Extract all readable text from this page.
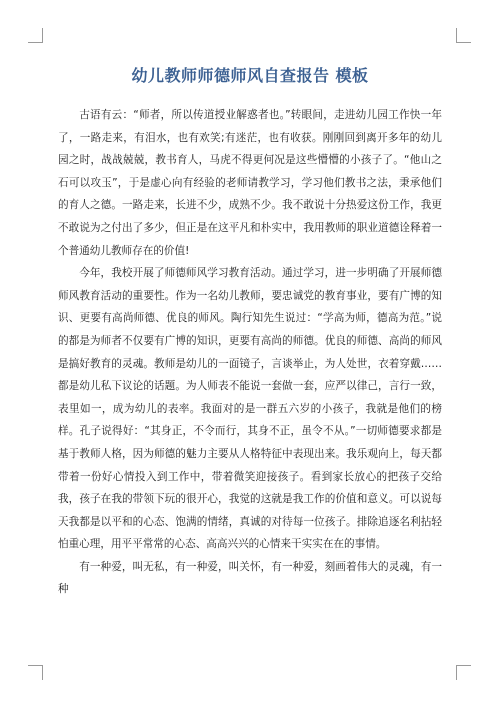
幼儿教师师德师风自查报告 模板

古语有云：“师者，所以传道授业解惑者也。”转眼间，走进幼儿园工作快一年了，一路走来，有泪水，也有欢笑;有迷茫，也有收获。刚刚回到离开多年的幼儿园之时，战战兢兢，教书育人，马虎不得更何况是这些懵懵的小孩子了。“他山之石可以攻玉”，于是虚心向有经验的老师请教学习，学习他们教书之法，秉承他们的育人之德。一路走来，长进不少，成熟不少。我不敢说十分热爱这份工作，我更不敢说为之付出了多少，但正是在这平凡和朴实中，我用教师的职业道德诠释着一个普通幼儿教师存在的价值!

今年，我校开展了师德师风学习教育活动。通过学习，进一步明确了开展师德师风教育活动的重要性。作为一名幼儿教师，要忠诚党的教育事业，要有广博的知识、更要有高尚师德、优良的师风。陶行知先生说过：“学高为师，德高为范。”说的都是为师者不仅要有广博的知识，更要有高尚的师德。优良的师德、高尚的师风是搞好教育的灵魂。教师是幼儿的一面镜子，言谈举止，为人处世，衣着穿戴……都是幼儿私下议论的话题。为人师表不能说一套做一套，应严以律己，言行一致，表里如一，成为幼儿的表率。我面对的是一群五六岁的小孩子，我就是他们的榜样。孔子说得好：“其身正，不令而行，其身不正，虽令不从。”一切师德要求都是基于教师人格，因为师德的魅力主要从人格特征中表现出来。我乐观向上，每天都带着一份好心情投入到工作中，带着微笑迎接孩子。看到家长放心的把孩子交给我，孩子在我的带领下玩的很开心，我觉的这就是我工作的价值和意义。可以说每天我都是以平和的心态、饱满的情绪，真诚的对待每一位孩子。排除追逐名利拈轻怕重心理，用平平常常的心态、高高兴兴的心情来干实实在在的事情。

有一种爱，叫无私，有一种爱，叫关怀，有一种爱，刻画着伟大的灵魂，有一种
